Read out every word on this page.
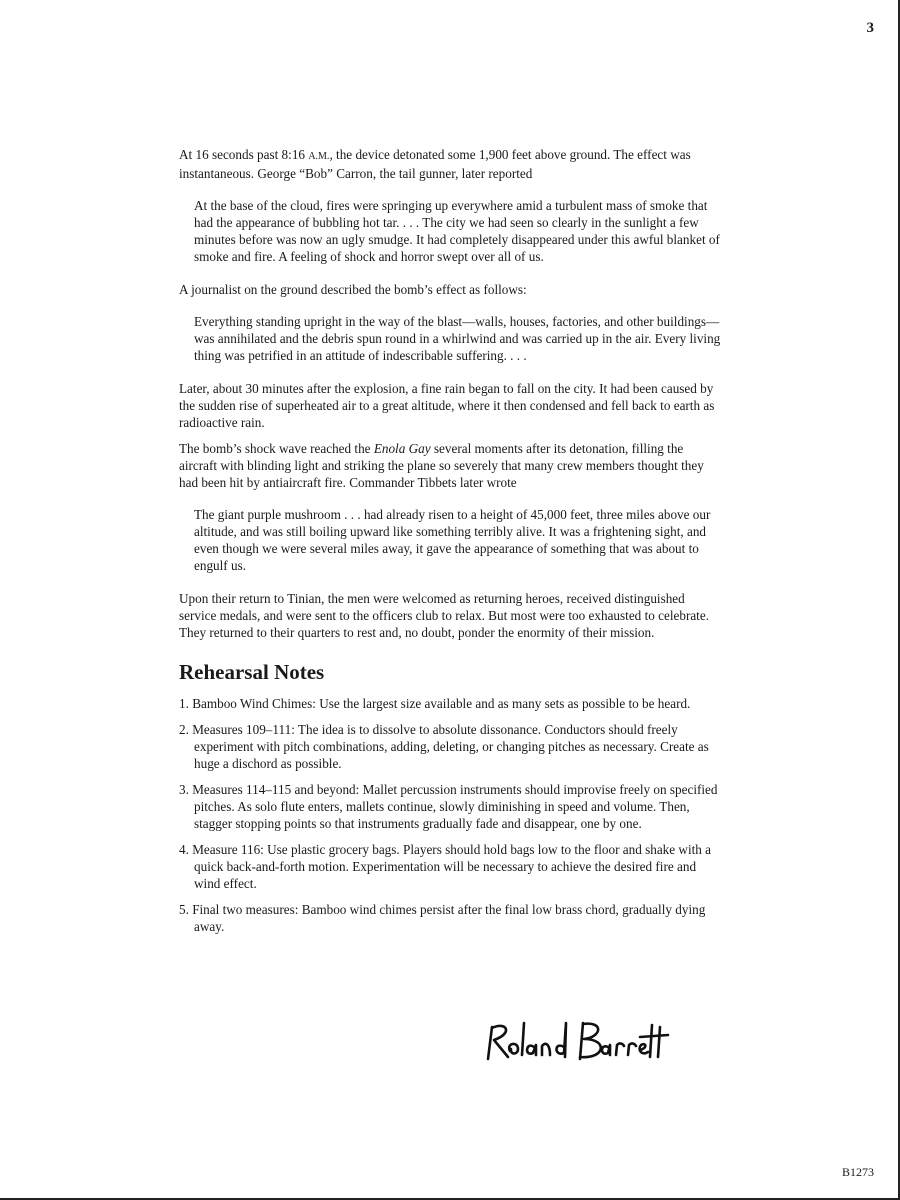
3

At 16 seconds past 8:16 A.M., the device detonated some 1,900 feet above ground. The effect was instantaneous. George “Bob” Carron, the tail gunner, later reported

At the base of the cloud, fires were springing up everywhere amid a turbulent mass of smoke that had the appearance of bubbling hot tar. . . . The city we had seen so clearly in the sunlight a few minutes before was now an ugly smudge. It had completely disappeared under this awful blanket of smoke and fire. A feeling of shock and horror swept over all of us.

A journalist on the ground described the bomb’s effect as follows:

Everything standing upright in the way of the blast—walls, houses, factories, and other buildings—was annihilated and the debris spun round in a whirlwind and was carried up in the air. Every living thing was petrified in an attitude of indescribable suffering. . . .

Later, about 30 minutes after the explosion, a fine rain began to fall on the city. It had been caused by the sudden rise of superheated air to a great altitude, where it then condensed and fell back to earth as radioactive rain.

The bomb’s shock wave reached the Enola Gay several moments after its detonation, filling the aircraft with blinding light and striking the plane so severely that many crew members thought they had been hit by antiaircraft fire. Commander Tibbets later wrote

The giant purple mushroom . . . had already risen to a height of 45,000 feet, three miles above our altitude, and was still boiling upward like something terribly alive. It was a frightening sight, and even though we were several miles away, it gave the appearance of something that was about to engulf us.

Upon their return to Tinian, the men were welcomed as returning heroes, received distinguished service medals, and were sent to the officers club to relax. But most were too exhausted to celebrate. They returned to their quarters to rest and, no doubt, ponder the enormity of their mission.

Rehearsal Notes
1. Bamboo Wind Chimes: Use the largest size available and as many sets as possible to be heard.
2. Measures 109–111: The idea is to dissolve to absolute dissonance. Conductors should freely experiment with pitch combinations, adding, deleting, or changing pitches as necessary. Create as huge a dischord as possible.
3. Measures 114–115 and beyond: Mallet percussion instruments should improvise freely on specified pitches. As solo flute enters, mallets continue, slowly diminishing in speed and volume. Then, stagger stopping points so that instruments gradually fade and disappear, one by one.
4. Measure 116: Use plastic grocery bags. Players should hold bags low to the floor and shake with a quick back-and-forth motion. Experimentation will be necessary to achieve the desired fire and wind effect.
5. Final two measures: Bamboo wind chimes persist after the final low brass chord, gradually dying away.
B1273
